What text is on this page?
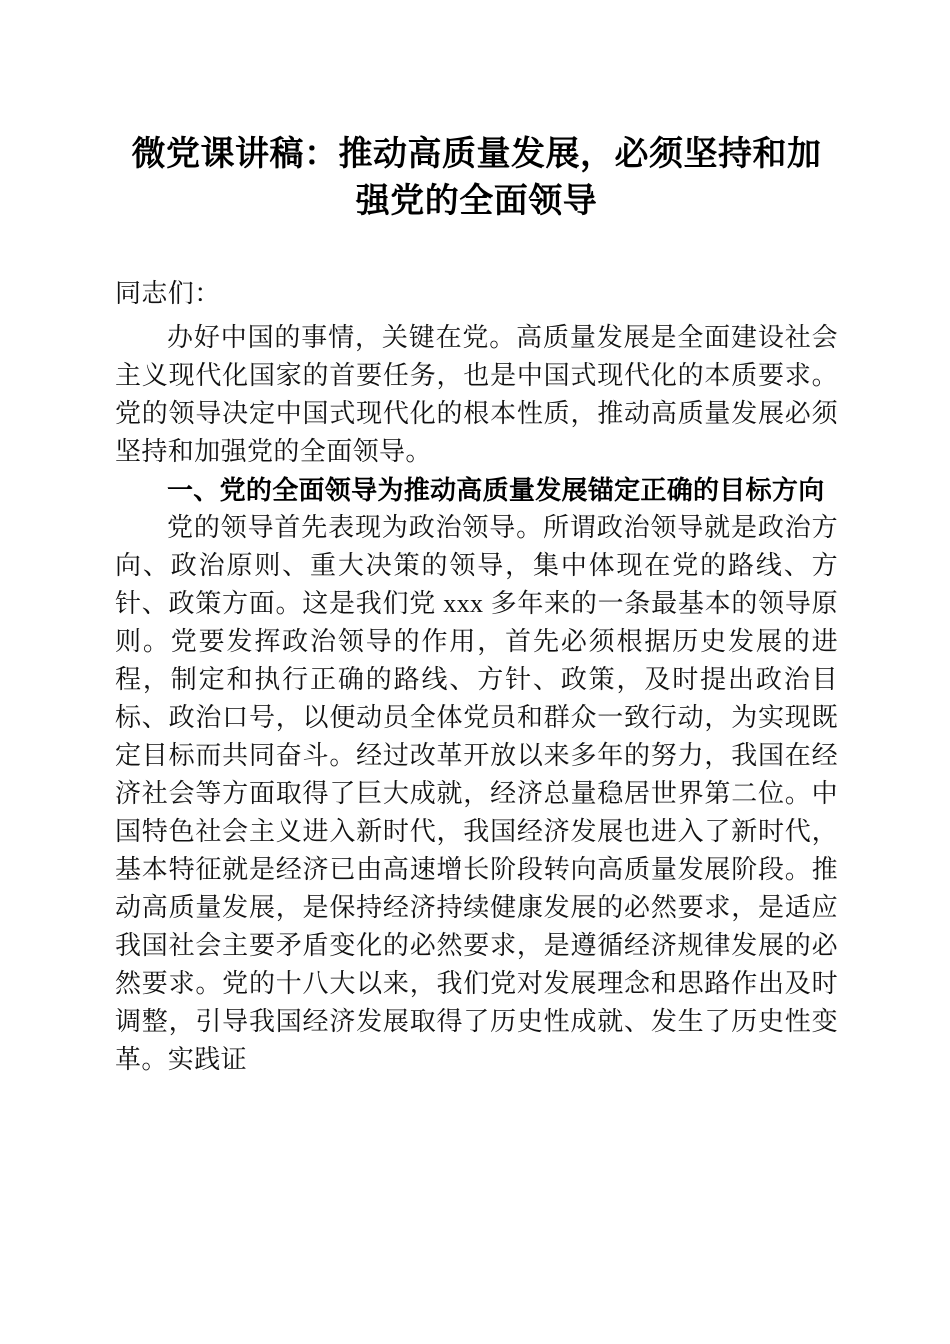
微党课讲稿：推动高质量发展，必须坚持和加强党的全面领导

同志们：

办好中国的事情，关键在党。高质量发展是全面建设社会主义现代化国家的首要任务，也是中国式现代化的本质要求。党的领导决定中国式现代化的根本性质，推动高质量发展必须坚持和加强党的全面领导。

一、党的全面领导为推动高质量发展锚定正确的目标方向

党的领导首先表现为政治领导。所谓政治领导就是政治方向、政治原则、重大决策的领导，集中体现在党的路线、方针、政策方面。这是我们党 xxx 多年来的一条最基本的领导原则。党要发挥政治领导的作用，首先必须根据历史发展的进程，制定和执行正确的路线、方针、政策，及时提出政治目标、政治口号，以便动员全体党员和群众一致行动，为实现既定目标而共同奋斗。经过改革开放以来多年的努力，我国在经济社会等方面取得了巨大成就，经济总量稳居世界第二位。中国特色社会主义进入新时代，我国经济发展也进入了新时代，基本特征就是经济已由高速增长阶段转向高质量发展阶段。推动高质量发展，是保持经济持续健康发展的必然要求，是适应我国社会主要矛盾变化的必然要求，是遵循经济规律发展的必然要求。党的十八大以来，我们党对发展理念和思路作出及时调整，引导我国经济发展取得了历史性成就、发生了历史性变革。实践证
